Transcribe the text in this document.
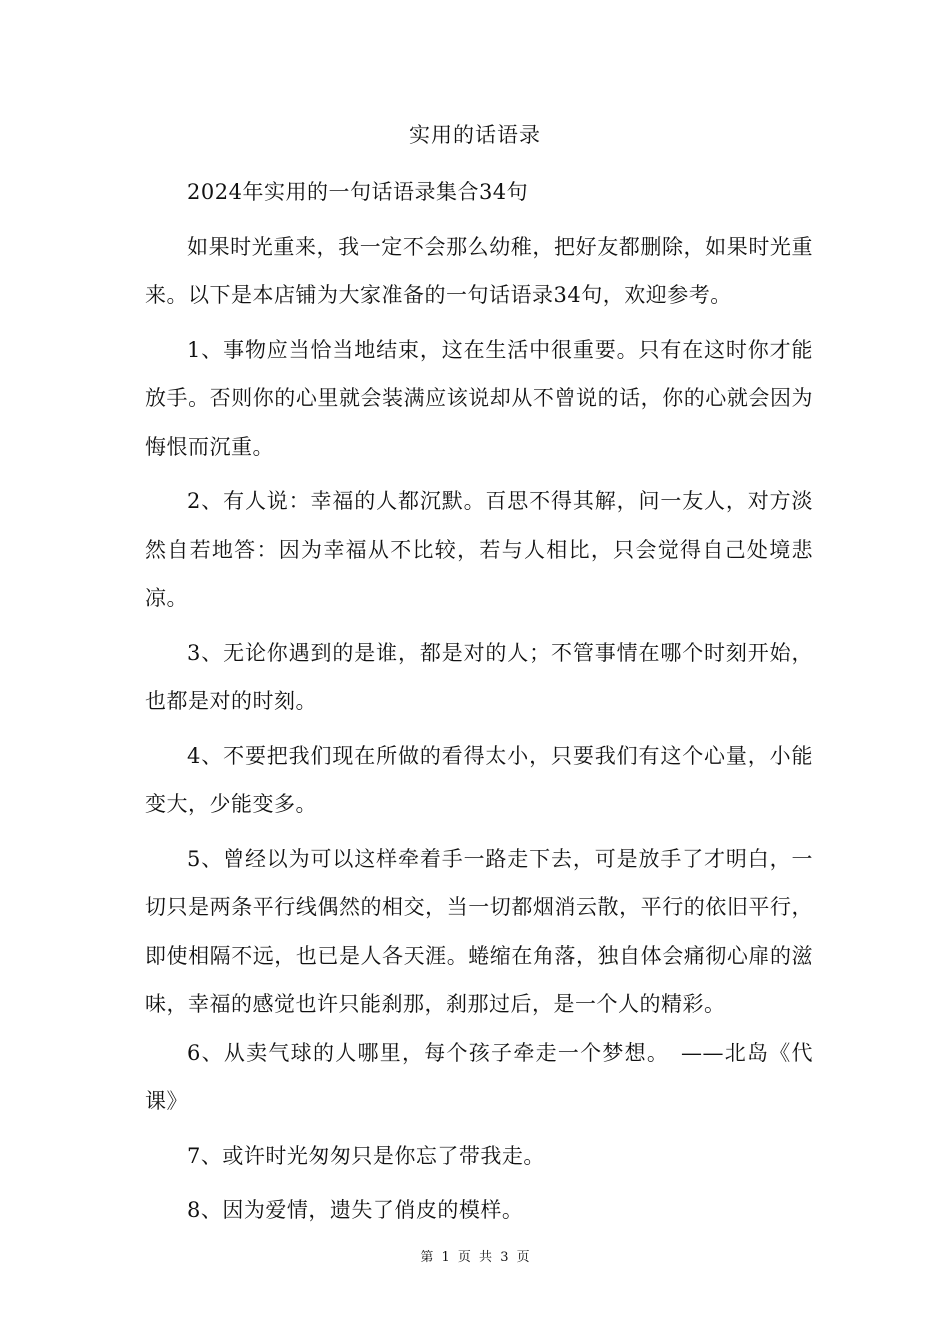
实用的话语录

2024年实用的一句话语录集合34句

如果时光重来，我一定不会那么幼稚，把好友都删除，如果时光重来。以下是本店铺为大家准备的一句话语录34句，欢迎参考。

1、事物应当恰当地结束，这在生活中很重要。只有在这时你才能放手。否则你的心里就会装满应该说却从不曾说的话，你的心就会因为悔恨而沉重。

2、有人说：幸福的人都沉默。百思不得其解，问一友人，对方淡然自若地答：因为幸福从不比较，若与人相比，只会觉得自己处境悲凉。

3、无论你遇到的是谁，都是对的人；不管事情在哪个时刻开始，也都是对的时刻。

4、不要把我们现在所做的看得太小，只要我们有这个心量，小能变大，少能变多。

5、曾经以为可以这样牵着手一路走下去，可是放手了才明白，一切只是两条平行线偶然的相交，当一切都烟消云散，平行的依旧平行，即使相隔不远，也已是人各天涯。蜷缩在角落，独自体会痛彻心扉的滋味，幸福的感觉也许只能刹那，刹那过后，是一个人的精彩。

6、从卖气球的人哪里，每个孩子牵走一个梦想。　——北岛《代课》

7、或许时光匆匆只是你忘了带我走。

8、因为爱情，遗失了俏皮的模样。

第 1 页 共 3 页
